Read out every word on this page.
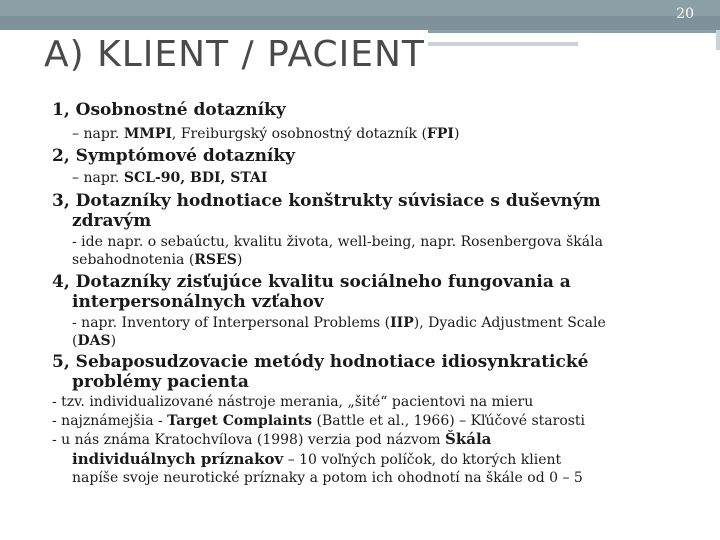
20
A) KLIENT / PACIENT
1, Osobnostné dotazníky
– napr. MMPI, Freiburgský osobnostný dotazník (FPI)
2, Symptómové dotazníky
– napr. SCL-90, BDI, STAI
3, Dotazníky hodnotiace konštrukty súvisiace s duševným
zdravým
- ide napr. o sebaúctu, kvalitu života, well-being, napr. Rosenbergova škála
sebahodnotenia (RSES)
4, Dotazníky zisťujúce kvalitu sociálneho fungovania a
interpersonálnych vzťahov
- napr. Inventory of Interpersonal Problems (IIP), Dyadic Adjustment Scale
(DAS)
5, Sebaposudzovacie metódy hodnotiace idiosynkratické
problémy pacienta
- tzv. individualizované nástroje merania, „šité“ pacientovi na mieru
- najznámejšia - Target Complaints (Battle et al., 1966) – Kľúčové starosti
- u nás známa Kratochvílova (1998) verzia pod názvom Škála
individuálnych príznakov – 10 voľných políčok, do ktorých klient
napíše svoje neurotické príznaky a potom ich ohodnotí na škále od 0 – 5
